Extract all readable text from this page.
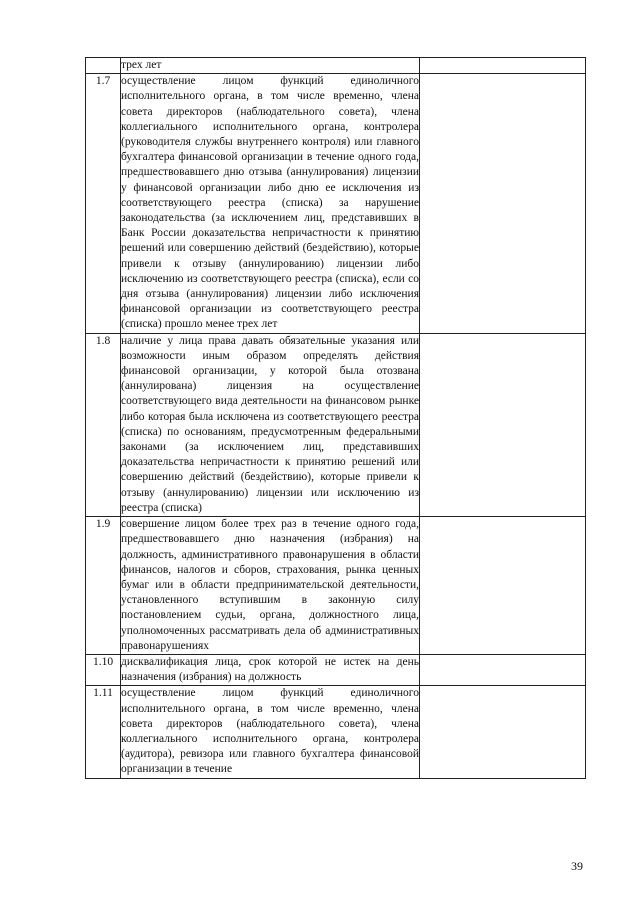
	трех лет	

1.7	осуществление лицом функций единоличного исполнительного органа, в том числе временно, члена совета директоров (наблюдательного совета), члена коллегиального исполнительного органа, контролера (руководителя службы внутреннего контроля) или главного бухгалтера финансовой организации в течение одного года, предшествовавшего дню отзыва (аннулирования) лицензии у финансовой организации либо дню ее исключения из соответствующего реестра (списка) за нарушение законодательства (за исключением лиц, представивших в Банк России доказательства непричастности к принятию решений или совершению действий (бездействию), которые привели к отзыву (аннулированию) лицензии либо исключению из соответствующего реестра (списка), если со дня отзыва (аннулирования) лицензии либо исключения финансовой организации из соответствующего реестра (списка) прошло менее трех лет	

1.8	наличие у лица права давать обязательные указания или возможности иным образом определять действия финансовой организации, у которой была отозвана (аннулирована) лицензия на осуществление соответствующего вида деятельности на финансовом рынке либо которая была исключена из соответствующего реестра (списка) по основаниям, предусмотренным федеральными законами (за исключением лиц, представивших доказательства непричастности к принятию решений или совершению действий (бездействию), которые привели к отзыву (аннулированию) лицензии или исключению из реестра (списка)	

1.9	совершение лицом более трех раз в течение одного года, предшествовавшего дню назначения (избрания) на должность, административного правонарушения в области финансов, налогов и сборов, страхования, рынка ценных бумаг или в области предпринимательской деятельности, установленного вступившим в законную силу постановлением судьи, органа, должностного лица, уполномоченных рассматривать дела об административных правонарушениях	

1.10	дисквалификация лица, срок которой не истек на день назначения (избрания) на должность	

1.11	осуществление лицом функций единоличного исполнительного органа, в том числе временно, члена совета директоров (наблюдательного совета), члена коллегиального исполнительного органа, контролера (аудитора), ревизора или главного бухгалтера финансовой организации в течение	

39
